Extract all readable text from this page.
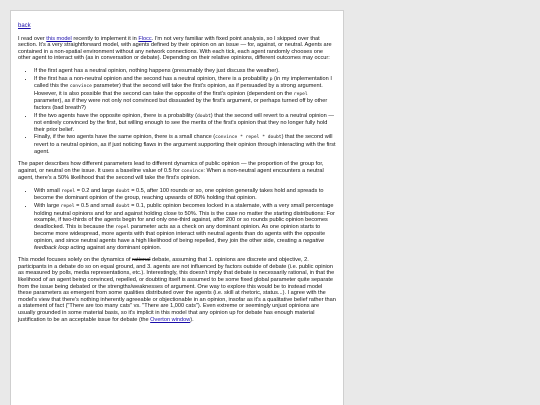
back

I read over this model recently to implement it in Flocc. I'm not very familiar with fixed point analysis, so I skipped over that section. It's a very straightforward model, with agents defined by their opinion on an issue — for, against, or neutral. Agents are contained in a non-spatial environment without any network connections. With each tick, each agent randomly chooses one other agent to interact with (as in conversation or debate). Depending on their relative opinions, different outcomes may occur:

• If the first agent has a neutral opinion, nothing happens (presumably they just discuss the weather).
• If the first has a non-neutral opinion and the second has a neutral opinion, there is a probability p (in my implementation I called this the convince parameter) that the second will take the first's opinion, as if persuaded by a strong argument. However, it is also possible that the second can take the opposite of the first's opinion (dependent on the repel parameter), as if they were not only not convinced but dissuaded by the first's argument, or perhaps turned off by other factors (bad breath?)
• If the two agents have the opposite opinion, there is a probability (doubt) that the second will revert to a neutral opinion — not entirely convinced by the first, but willing enough to see the merits of the first's opinion that they no longer fully hold their prior belief.
• Finally, if the two agents have the same opinion, there is a small chance (convince * repel * doubt) that the second will revert to a neutral opinion, as if just noticing flaws in the argument supporting their opinion through interacting with the first agent.

The paper describes how different parameters lead to different dynamics of public opinion — the proportion of the group for, against, or neutral on the issue. It uses a baseline value of 0.5 for convince: When a non-neutral agent encounters a neutral agent, there's a 50% likelihood that the second will take the first's opinion.

• With small repel = 0.2 and large doubt = 0.5, after 100 rounds or so, one opinion generally takes hold and spreads to become the dominant opinion of the group, reaching upwards of 80% holding that opinion.
• With large repel = 0.5 and small doubt = 0.1, public opinion becomes locked in a stalemate, with a very small percentage holding neutral opinions and for and against holding close to 50%. This is the case no matter the starting distributions: For example, if two-thirds of the agents begin for and only one-third against, after 200 or so rounds public opinion becomes deadlocked. This is because the repel parameter acts as a check on any dominant opinion. As one opinion starts to become more widespread, more agents with that opinion interact with neutral agents than do agents with the opposite opinion, and since neutral agents have a high likelihood of being repelled, they join the other side, creating a negative feedback loop acting against any dominant opinion.

This model focuses solely on the dynamics of rational debate, assuming that 1. opinions are discrete and objective, 2. participants in a debate do so on equal ground, and 3. agents are not influenced by factors outside of debate (i.e. public opinion as measured by polls, media representations, etc.). Interestingly, this doesn't imply that debate is necessarily rational, in that the likelihood of an agent being convinced, repelled, or doubting itself is assumed to be some fixed global parameter quite separate from the issue being debated or the strengths/weaknesses of argument. One way to explore this would be to instead model these parameters as emergent from some qualities distributed over the agents (i.e. skill at rhetoric, status...). I agree with the model's view that there's nothing inherently agreeable or objectionable in an opinion, insofar as it's a qualitative belief rather than a statement of fact ("There are too many cats" vs. "There are 1,000 cats"). Even extreme or seemingly unjust opinions are usually grounded in some material basis, so it's implicit in this model that any opinion up for debate has enough material justification to be an acceptable issue for debate (the Overton window).
